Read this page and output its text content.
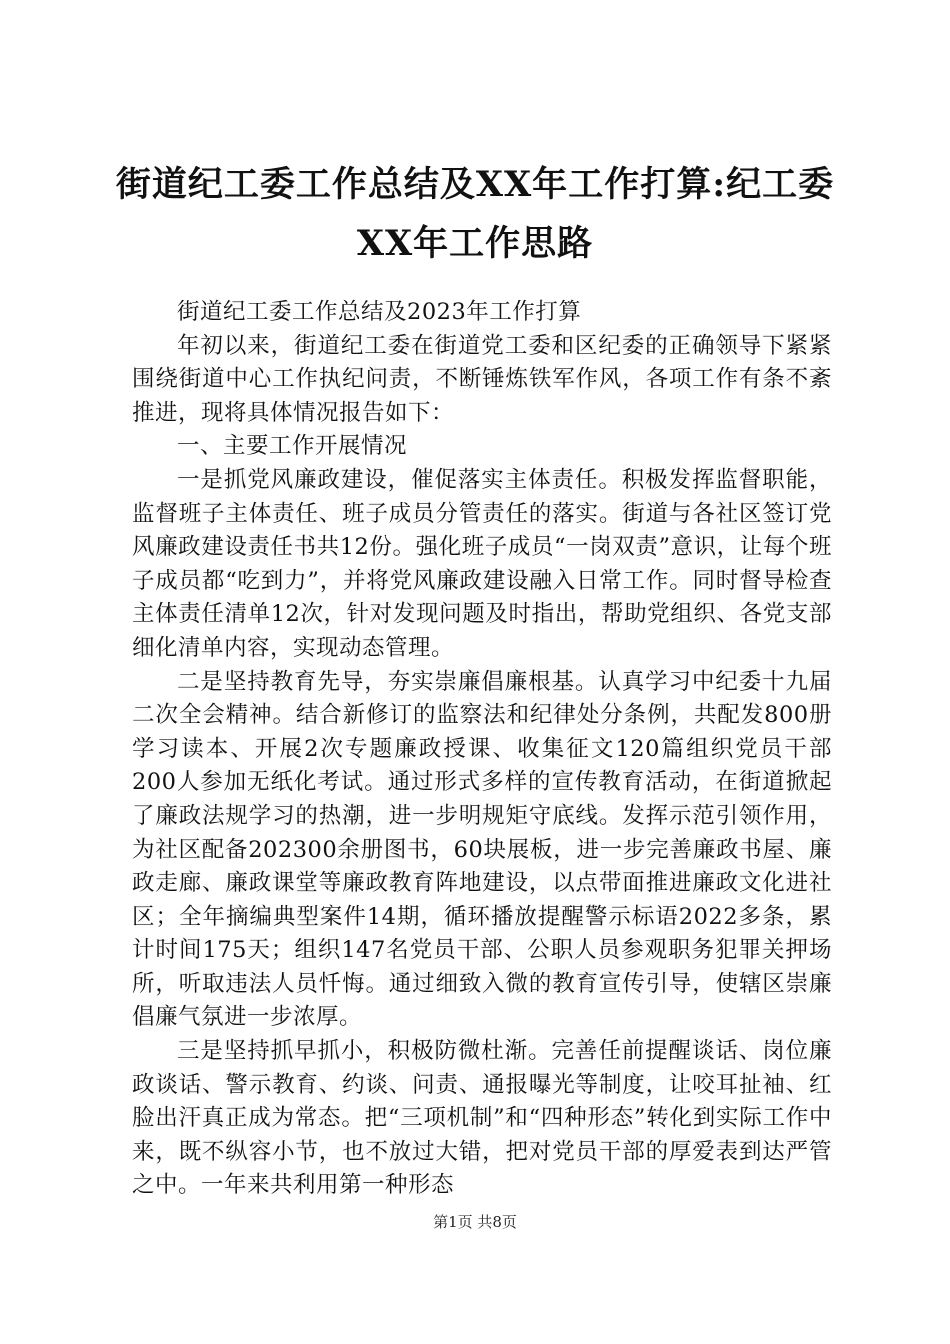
街道纪工委工作总结及XX年工作打算:纪工委
XX年工作思路

街道纪工委工作总结及2023年工作打算

年初以来，街道纪工委在街道党工委和区纪委的正确领导下紧紧围绕街道中心工作执纪问责，不断锤炼铁军作风，各项工作有条不紊推进，现将具体情况报告如下：

一、主要工作开展情况

一是抓党风廉政建设，催促落实主体责任。积极发挥监督职能，监督班子主体责任、班子成员分管责任的落实。街道与各社区签订党风廉政建设责任书共12份。强化班子成员“一岗双责”意识，让每个班子成员都“吃到力”，并将党风廉政建设融入日常工作。同时督导检查主体责任清单12次，针对发现问题及时指出，帮助党组织、各党支部细化清单内容，实现动态管理。

二是坚持教育先导，夯实崇廉倡廉根基。认真学习中纪委十九届二次全会精神。结合新修订的监察法和纪律处分条例，共配发800册学习读本、开展2次专题廉政授课、收集征文120篇组织党员干部200人参加无纸化考试。通过形式多样的宣传教育活动，在街道掀起了廉政法规学习的热潮，进一步明规矩守底线。发挥示范引领作用，为社区配备202300余册图书，60块展板，进一步完善廉政书屋、廉政走廊、廉政课堂等廉政教育阵地建设，以点带面推进廉政文化进社区；全年摘编典型案件14期，循环播放提醒警示标语2022多条，累计时间175天；组织147名党员干部、公职人员参观职务犯罪关押场所，听取违法人员忏悔。通过细致入微的教育宣传引导，使辖区崇廉倡廉气氛进一步浓厚。

三是坚持抓早抓小，积极防微杜渐。完善任前提醒谈话、岗位廉政谈话、警示教育、约谈、问责、通报曝光等制度，让咬耳扯袖、红脸出汗真正成为常态。把“三项机制”和“四种形态”转化到实际工作中来，既不纵容小节，也不放过大错，把对党员干部的厚爱表到达严管之中。一年来共利用第一种形态

第1页 共8页
